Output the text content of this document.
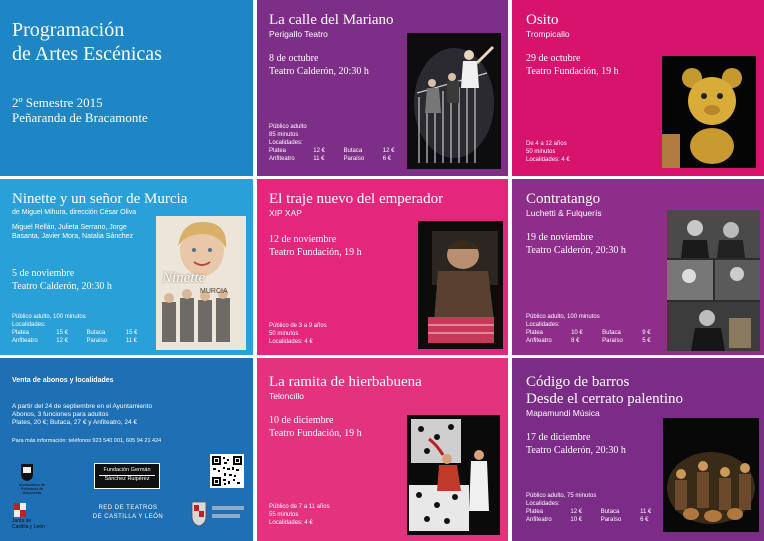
Programación
de Artes Escénicas
2º Semestre 2015
Peñaranda de Bracamonte
La calle del Mariano
Perigallo Teatro
8 de octubre
Teatro Calderón, 20:30 h
Público adulto
85 minutos
Localidades:
Platea	12 €	Butaca	12 €
Anfiteatro	11 €	Paraíso	6 €
Osito
Trompicallo
29 de octubre
Teatro Fundación, 19 h
De 4 a 12 años
50 minutos
Localidades: 4 €
Ninette y un señor de Murcia
de Miguel Mihura, dirección César Oliva
Miguel Rellán, Julieta Serrano, Jorge Basanta, Javier Mora, Natalia Sánchez
5 de noviembre
Teatro Calderón, 20:30 h
Público adulto, 100 minutos
Localidades:
Platea	15 €	Butaca	15 €
Anfiteatro	12 €	Paraíso	11 €
Ninette
MURCIA
El traje nuevo del emperador
XIP XAP
12 de noviembre
Teatro Fundación, 19 h
Público de 3 a 9 años
50 minutos
Localidades: 4 €
Contratango
Luchetti & Fulquerís
19 de noviembre
Teatro Calderón, 20:30 h
Público adulto, 100 minutos
Localidades:
Platea	10 €	Butaca	9 €
Anfiteatro	8 €	Paraíso	5 €
Venta de abonos y localidades
A partir del 24 de septiembre en el Ayuntamiento
Abonos, 3 funciones para adultos
Plates, 20 €; Butaca, 27 € y Anfiteatro, 24 €
Para más información: teléfonos 923 540 001, 605 94 21 424
Ayuntamiento de Peñaranda de Bracamonte
Fundación Germán
Sánchez Ruipérez
Junta de Castilla y León
RED DE TEATROS
DE CASTILLA Y LEÓN
La ramita de hierbabuena
Teloncillo
10 de diciembre
Teatro Fundación, 19 h
Público de 7 a 11 años
55 minutos
Localidades: 4 €
Código de barros
Desde el cerrato palentino
Mapamundi Música
17 de diciembre
Teatro Calderón, 20:30 h
Público adulto, 75 minutos
Localidades:
Platea	12 €	Butaca	11 €
Anfiteatro	10 €	Paraíso	6 €
